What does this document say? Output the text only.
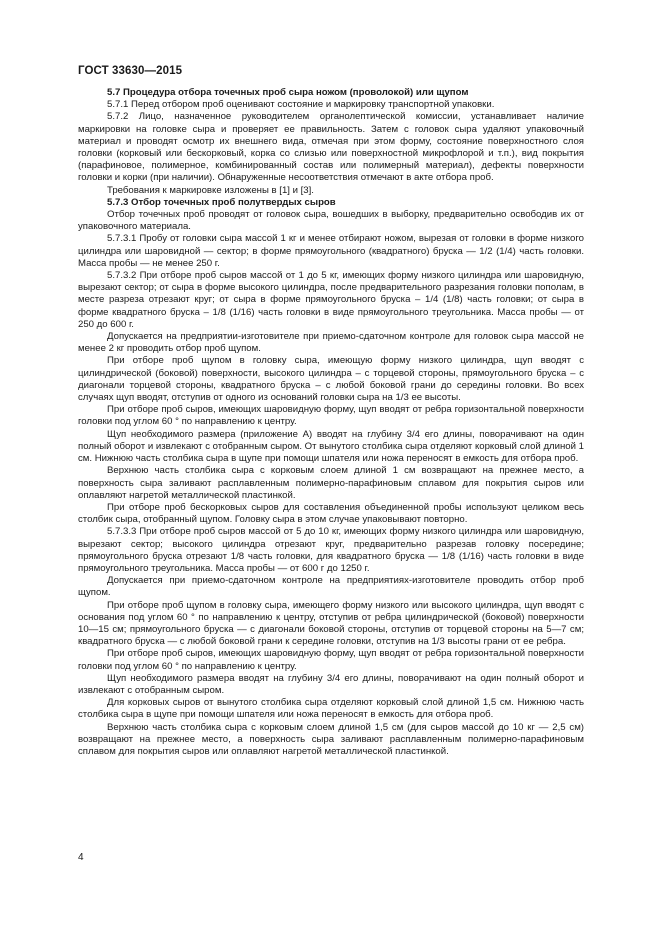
ГОСТ 33630—2015

5.7 Процедура отбора точечных проб сыра ножом (проволокой) или щупом

5.7.1 Перед отбором проб оценивают состояние и маркировку транспортной упаковки.

5.7.2 Лицо, назначенное руководителем органолептической комиссии, устанавливает наличие маркировки на головке сыра и проверяет ее правильность. Затем с головок сыра удаляют упаковочный материал и проводят осмотр их внешнего вида, отмечая при этом форму, состояние поверхностного слоя головки (корковый или бескорковый, корка со слизью или поверхностной микрофлорой и т.п.), вид покрытия (парафиновое, полимерное, комбинированный состав или полимерный материал), дефекты поверхности головки и корки (при наличии). Обнаруженные несоответствия отмечают в акте отбора проб.

Требования к маркировке изложены в [1] и [3].

5.7.3 Отбор точечных проб полутвердых сыров

Отбор точечных проб проводят от головок сыра, вошедших в выборку, предварительно освободив их от упаковочного материала.

5.7.3.1 Пробу от головки сыра массой 1 кг и менее отбирают ножом, вырезая от головки в форме низкого цилиндра или шаровидной — сектор; в форме прямоугольного (квадратного) бруска — 1/2 (1/4) часть головки. Масса пробы — не менее 250 г.

5.7.3.2 При отборе проб сыров массой от 1 до 5 кг, имеющих форму низкого цилиндра или шаровидную, вырезают сектор; от сыра в форме высокого цилиндра, после предварительного разрезания головки пополам, в месте разреза отрезают круг; от сыра в форме прямоугольного бруска – 1/4 (1/8) часть головки; от сыра в форме квадратного бруска – 1/8 (1/16) часть головки в виде прямоугольного треугольника. Масса пробы — от 250 до 600 г.

Допускается на предприятии-изготовителе при приемо-сдаточном контроле для головок сыра массой не менее 2 кг проводить отбор проб щупом.

При отборе проб щупом в головку сыра, имеющую форму низкого цилиндра, щуп вводят с цилиндрической (боковой) поверхности, высокого цилиндра – с торцевой стороны, прямоугольного бруска – с диагонали торцевой стороны, квадратного бруска – с любой боковой грани до середины головки. Во всех случаях щуп вводят, отступив от одного из оснований головки сыра на 1/3 ее высоты.

При отборе проб сыров, имеющих шаровидную форму, щуп вводят от ребра горизонтальной поверхности головки под углом 60 ° по направлению к центру.

Щуп необходимого размера (приложение А) вводят на глубину 3/4 его длины, поворачивают на один полный оборот и извлекают с отобранным сыром. От вынутого столбика сыра отделяют корковый слой длиной 1 см. Нижнюю часть столбика сыра в щупе при помощи шпателя или ножа переносят в емкость для отбора проб.

Верхнюю часть столбика сыра с корковым слоем длиной 1 см возвращают на прежнее место, а поверхность сыра заливают расплавленным полимерно-парафиновым сплавом для покрытия сыров или оплавляют нагретой металлической пластинкой.

При отборе проб бескорковых сыров для составления объединенной пробы используют целиком весь столбик сыра, отобранный щупом. Головку сыра в этом случае упаковывают повторно.

5.7.3.3 При отборе проб сыров массой от 5 до 10 кг, имеющих форму низкого цилиндра или шаровидную, вырезают сектор; высокого цилиндра отрезают круг, предварительно разрезав головку посередине; прямоугольного бруска отрезают 1/8 часть головки, для квадратного бруска — 1/8 (1/16) часть головки в виде прямоугольного треугольника. Масса пробы — от 600 г до 1250 г.

Допускается при приемо-сдаточном контроле на предприятиях-изготовителе проводить отбор проб щупом.

При отборе проб щупом в головку сыра, имеющего форму низкого или высокого цилиндра, щуп вводят с основания под углом 60 ° по направлению к центру, отступив от ребра цилиндрической (боковой) поверхности 10—15 см; прямоугольного бруска — с диагонали боковой стороны, отступив от торцевой стороны на 5—7 см; квадратного бруска — с любой боковой грани к середине головки, отступив на 1/3 высоты грани от ее ребра.

При отборе проб сыров, имеющих шаровидную форму, щуп вводят от ребра горизонтальной поверхности головки под углом 60 ° по направлению к центру.

Щуп необходимого размера вводят на глубину 3/4 его длины, поворачивают на один полный оборот и извлекают с отобранным сыром.

Для корковых сыров от вынутого столбика сыра отделяют корковый слой длиной 1,5 см. Нижнюю часть столбика сыра в щупе при помощи шпателя или ножа переносят в емкость для отбора проб.

Верхнюю часть столбика сыра с корковым слоем длиной 1,5 см (для сыров массой до 10 кг — 2,5 см) возвращают на прежнее место, а поверхность сыра заливают расплавленным полимерно-парафиновым сплавом для покрытия сыров или оплавляют нагретой металлической пластинкой.

4
